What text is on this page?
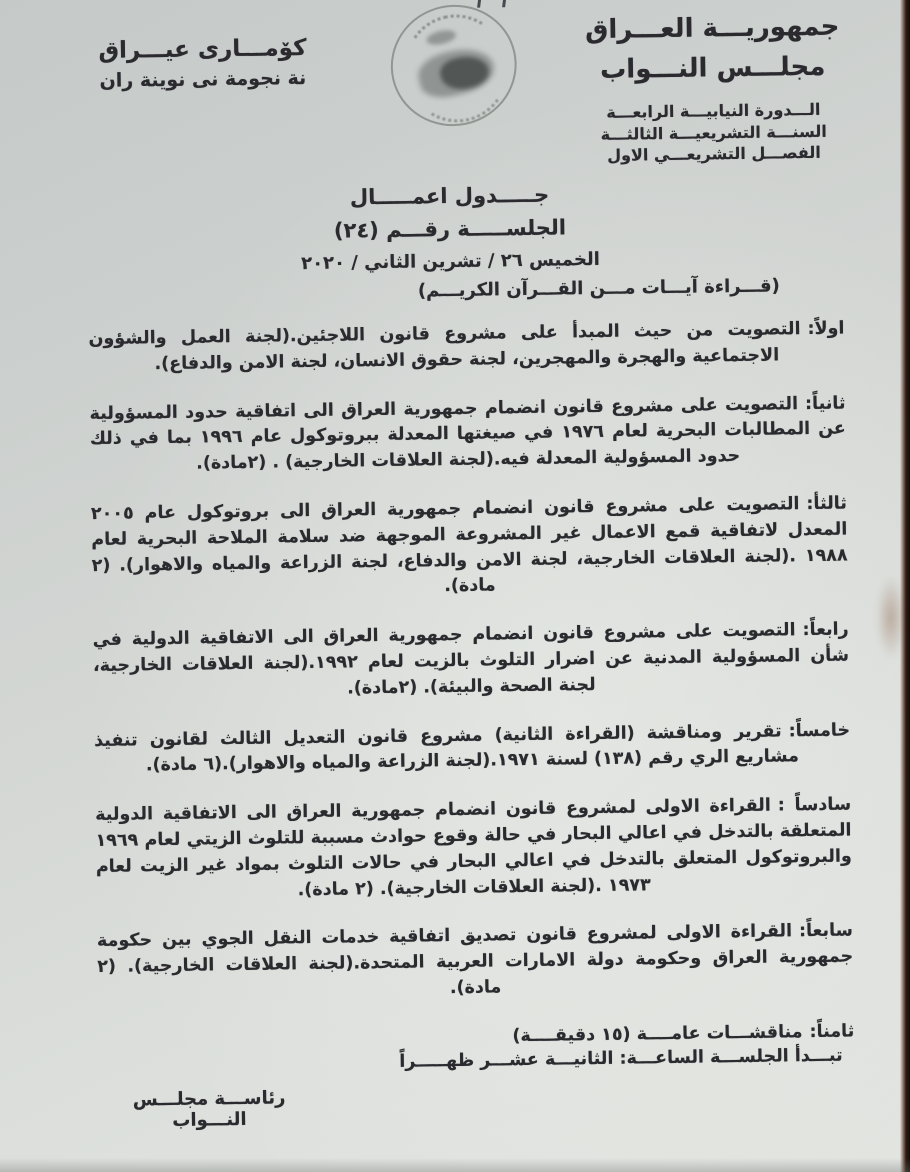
جمهوريـــة العـــراق
مجلـــس النـــواب
الـــدورة النيابيـــة الرابعـــة
السنـــة التشريعيـــة الثالثـــة
الفصـــل التشريعـــي الاول
كۆمـــارى عيـــراق
نة نجومة نى نوينة ران
جـــــدول اعمـــــال
الجلســـــة رقـــم (٢٤)
الخميس ٢٦ / تشرين الثاني / ٢٠٢٠
(قـــراءة آيـــات مـــن القـــرآن الكريـــم)
اولاً:التصويت من حيث المبدأ على مشروع قانون اللاجئين.(لجنة العمل والشؤون الاجتماعية والهجرة والمهجرين، لجنة حقوق الانسان، لجنة الامن والدفاع).
ثانياً:التصويت على مشروع قانون انضمام جمهورية العراق الى اتفاقية حدود المسؤولية عن المطالبات البحرية لعام ١٩٧٦ في صيغتها المعدلة ببروتوكول عام ١٩٩٦ بما في ذلك حدود المسؤولية المعدلة فيه.(لجنة العلاقات الخارجية) . (٢مادة).
ثالثأ:التصويت على مشروع قانون انضمام جمهورية العراق الى بروتوكول عام ٢٠٠٥ المعدل لاتفاقية قمع الاعمال غير المشروعة الموجهة ضد سلامة الملاحة البحرية لعام ١٩٨٨ .(لجنة العلاقات الخارجية، لجنة الامن والدفاع، لجنة الزراعة والمياه والاهوار). (٢ مادة).
رابعاً:التصويت على مشروع قانون انضمام جمهورية العراق الى الاتفاقية الدولية في شأن المسؤولية المدنية عن اضرار التلوث بالزيت لعام ١٩٩٢.(لجنة العلاقات الخارجية، لجنة الصحة والبيئة). (٢مادة).
خامساً:تقرير ومناقشة (القراءة الثانية) مشروع قانون التعديل الثالث لقانون تنفيذ مشاريع الري رقم (١٣٨) لسنة ١٩٧١.(لجنة الزراعة والمياه والاهوار).(٦ مادة).
سادساً :القراءة الاولى لمشروع قانون انضمام جمهورية العراق الى الاتفاقية الدولية المتعلقة بالتدخل في اعالي البحار في حالة وقوع حوادث مسببة للتلوث الزيتي لعام ١٩٦٩ والبروتوكول المتعلق بالتدخل في اعالي البحار في حالات التلوث بمواد غير الزيت لعام ١٩٧٣ .(لجنة العلاقات الخارجية). (٢ مادة).
سابعاً:القراءة الاولى لمشروع قانون تصديق اتفاقية خدمات النقل الجوي بين حكومة جمهورية العراق وحكومة دولة الامارات العربية المتحدة.(لجنة العلاقات الخارجية). (٢ مادة).
ثامناً:مناقشـــات عامــــة (١٥ دقيقــــة)
تبـــدأ الجلســـة الساعـــة: الثانيـــة عشـــر ظهـــــراً
رئاســـة مجلـــس النـــواب
